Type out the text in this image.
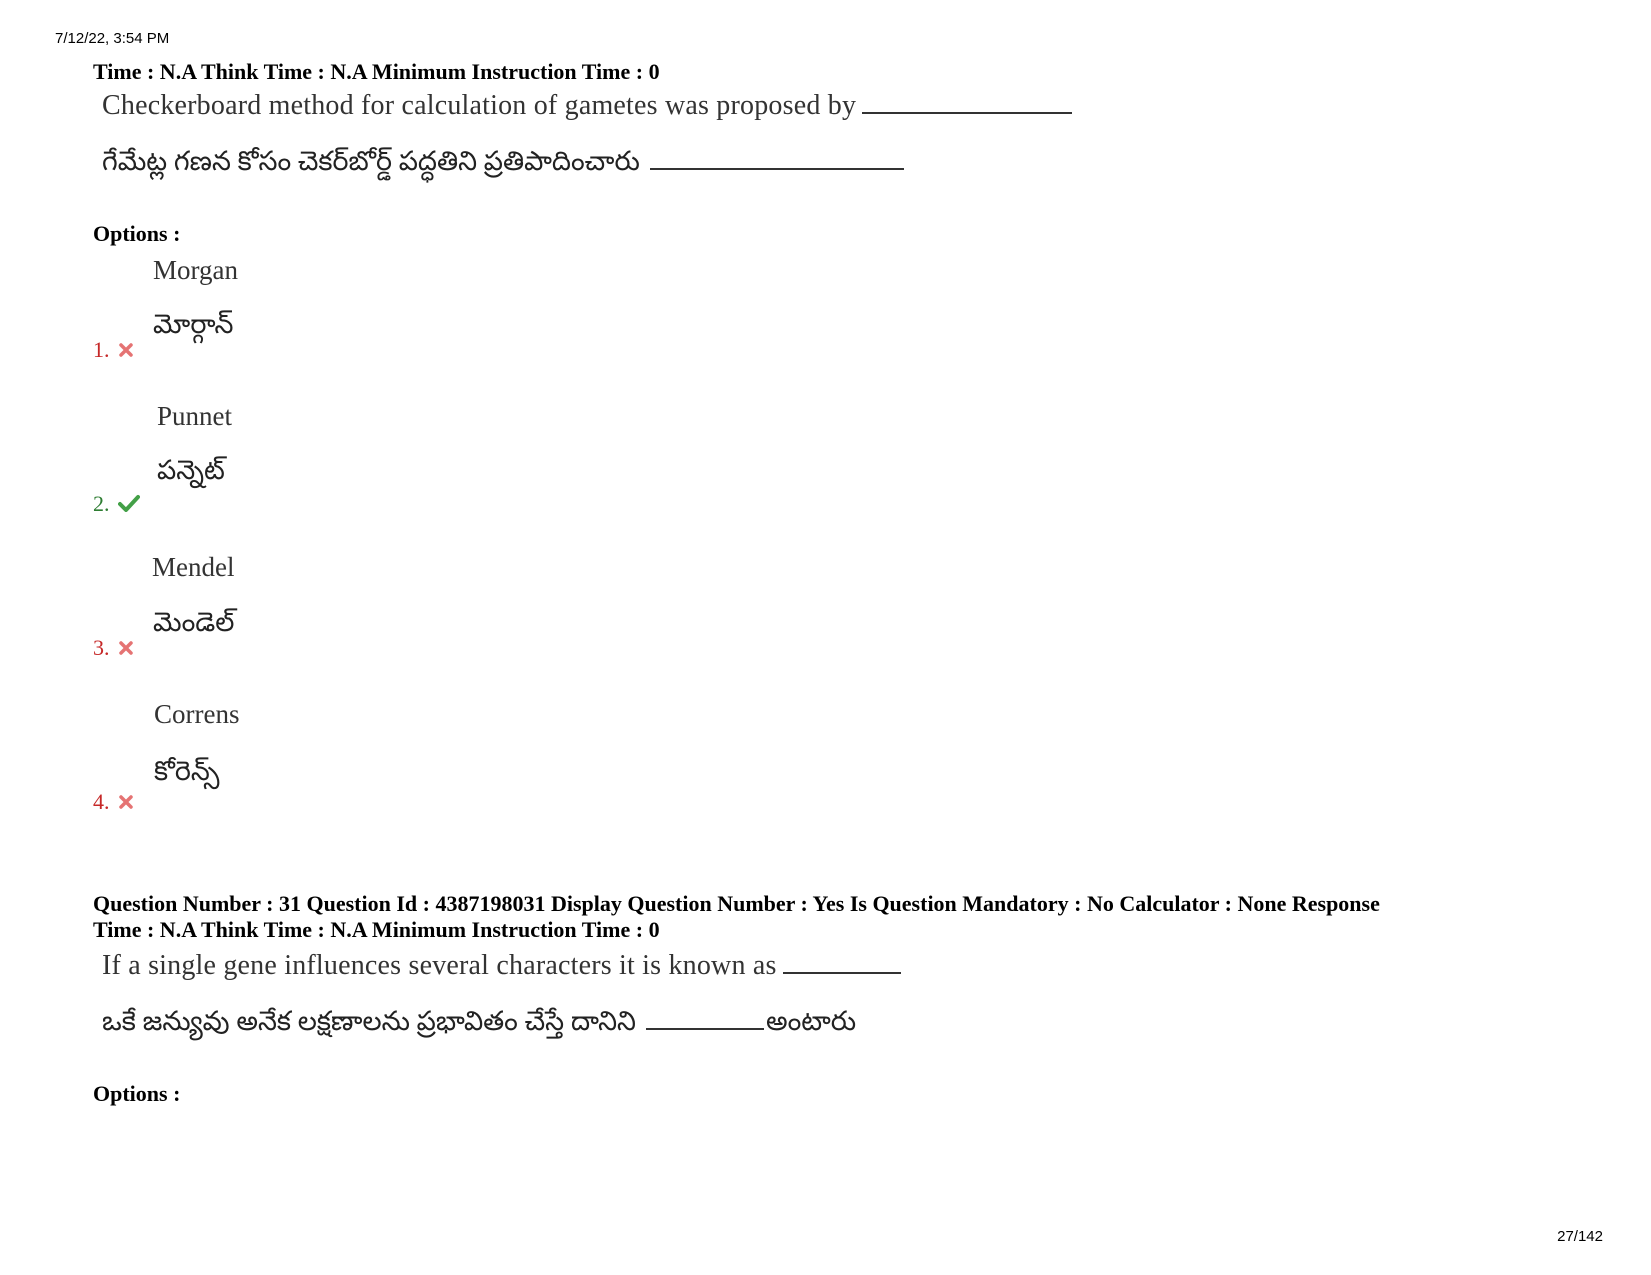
7/12/22, 3:54 PM
Time : N.A Think Time : N.A Minimum Instruction Time : 0
Checkerboard method for calculation of gametes was proposed by
గేమేట్ల గణన కోసం చెకర్‌బోర్డ్ పద్ధతిని ప్రతిపాదించారు
Options :
Morgan
మోర్గాన్
1.
Punnet
పన్నెట్
2.
Mendel
మెండెల్
3.
Correns
కోరెన్స్
4.
Question Number : 31 Question Id : 4387198031 Display Question Number : Yes Is Question Mandatory : No Calculator : None Response
Time : N.A Think Time : N.A Minimum Instruction Time : 0
If a single gene influences several characters it is known as
ఒకే జన్యువు అనేక లక్షణాలను ప్రభావితం చేస్తే దానిని	అంటారు
Options :
27/142
